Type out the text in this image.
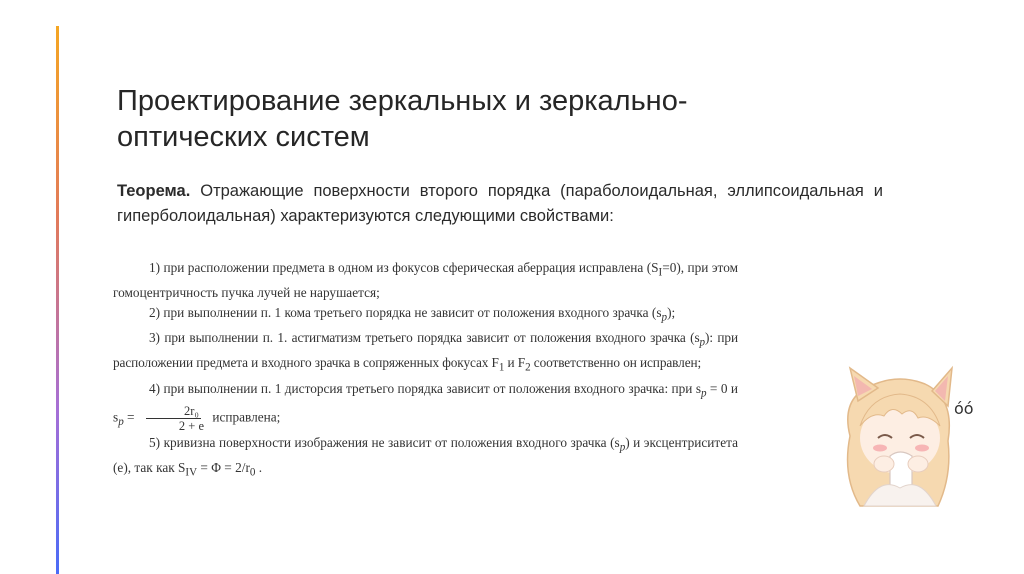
Проектирование зеркальных и зеркально-оптических систем
Теорема. Отражающие поверхности второго порядка (параболоидальная, эллипсоидальная и гиперболоидальная) характеризуются следующими свойствами:

1) при расположении предмета в одном из фокусов сферическая аберрация исправлена $(S_I=0)$, при этом гомоцентричность пучка лучей не нарушается;

2) при выполнении п. 1 кома третьего порядка не зависит от положения входного зрачка $(s_p)$;

3) при выполнении п. 1. астигматизм третьего порядка зависит от положения входного зрачка $(s_p)$: при расположении предмета и входного зрачка в сопряженных фокусах $F_1$ и $F_2$ соответственно он исправлен;

4) при выполнении п. 1 дисторсия третьего порядка зависит от положения входного зрачка: при $s_p = 0$ и $s_p = \frac{\text{2r₀}}{2 + e}$ исправлена;

5) кривизна поверхности изображения не зависит от положения входного зрачка $(s_p)$ и эксцентриситета (e), так как $S_{IV} = \Phi = 2/r_0$ .

óó
